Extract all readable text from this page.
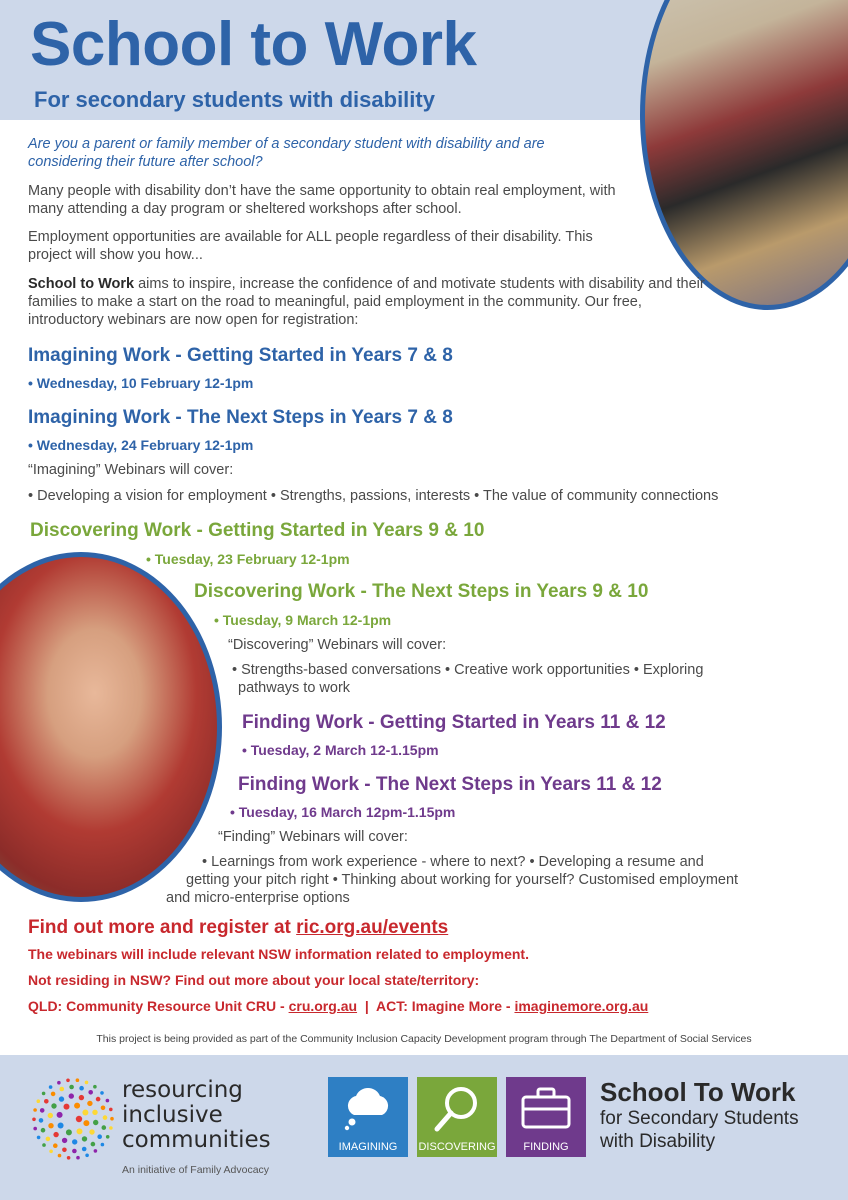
School to Work
For secondary students with disability
Are you a parent or family member of a secondary student with disability and are considering their future after school?
Many people with disability don’t have the same opportunity to obtain real employment, with many attending a day program or sheltered workshops after school.
Employment opportunities are available for ALL people regardless of their disability. This project will show you how...
School to Work aims to inspire, increase the confidence of and motivate students with disability and their families to make a start on the road to meaningful, paid employment in the community. Our free, introductory webinars are now open for registration:
Imagining Work - Getting Started in Years 7 & 8
• Wednesday, 10 February 12-1pm
Imagining Work - The Next Steps in Years 7 & 8
• Wednesday, 24 February 12-1pm
“Imagining” Webinars will cover:
• Developing a vision for employment • Strengths, passions, interests • The value of community connections
Discovering Work - Getting Started in Years 9 & 10
• Tuesday, 23 February 12-1pm
Discovering Work - The Next Steps in Years 9 & 10
• Tuesday, 9 March 12-1pm
“Discovering” Webinars will cover:
• Strengths-based conversations • Creative work opportunities • Exploring
pathways to work
Finding Work - Getting Started in Years 11 & 12
• Tuesday, 2 March 12-1.15pm
Finding Work - The Next Steps in Years 11 & 12
• Tuesday, 16 March 12pm-1.15pm
“Finding” Webinars will cover:
• Learnings from work experience - where to next? • Developing a resume and
getting your pitch right • Thinking about working for yourself? Customised employment
and micro-enterprise options
Find out more and register at ric.org.au/events
The webinars will include relevant NSW information related to employment.
Not residing in NSW? Find out more about your local state/territory:
QLD: Community Resource Unit CRU - cru.org.au  |  ACT: Imagine More - imaginemore.org.au
This project is being provided as part of the Community Inclusion Capacity Development program through The Department of Social Services
resourcing
inclusive
communities
An initiative of Family Advocacy
IMAGINING	DISCOVERING	FINDING
School To Work
for Secondary Students
with Disability
